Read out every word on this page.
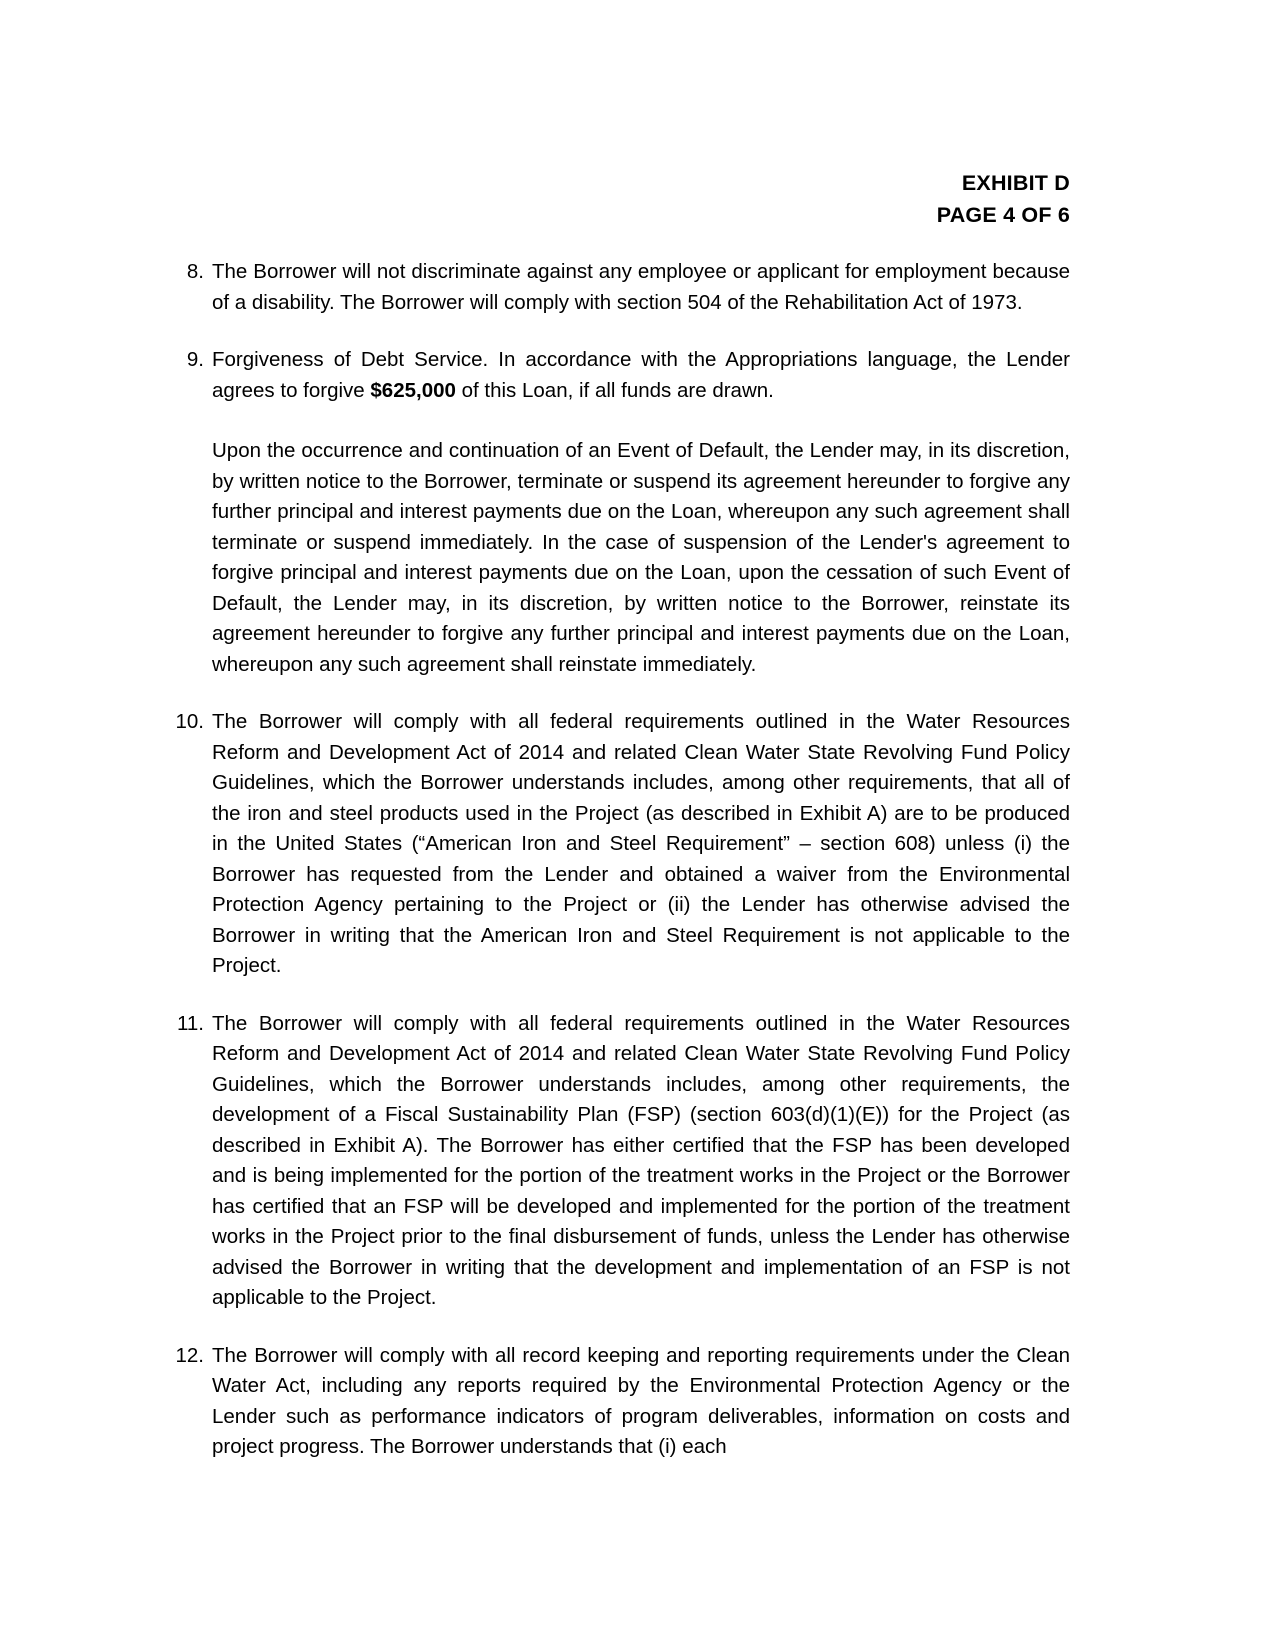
EXHIBIT D
PAGE 4 OF 6
8. The Borrower will not discriminate against any employee or applicant for employment because of a disability. The Borrower will comply with section 504 of the Rehabilitation Act of 1973.

9. Forgiveness of Debt Service. In accordance with the Appropriations language, the Lender agrees to forgive $625,000 of this Loan, if all funds are drawn.

Upon the occurrence and continuation of an Event of Default, the Lender may, in its discretion, by written notice to the Borrower, terminate or suspend its agreement hereunder to forgive any further principal and interest payments due on the Loan, whereupon any such agreement shall terminate or suspend immediately. In the case of suspension of the Lender's agreement to forgive principal and interest payments due on the Loan, upon the cessation of such Event of Default, the Lender may, in its discretion, by written notice to the Borrower, reinstate its agreement hereunder to forgive any further principal and interest payments due on the Loan, whereupon any such agreement shall reinstate immediately.

10. The Borrower will comply with all federal requirements outlined in the Water Resources Reform and Development Act of 2014 and related Clean Water State Revolving Fund Policy Guidelines, which the Borrower understands includes, among other requirements, that all of the iron and steel products used in the Project (as described in Exhibit A) are to be produced in the United States (“American Iron and Steel Requirement” – section 608) unless (i) the Borrower has requested from the Lender and obtained a waiver from the Environmental Protection Agency pertaining to the Project or (ii) the Lender has otherwise advised the Borrower in writing that the American Iron and Steel Requirement is not applicable to the Project.

11. The Borrower will comply with all federal requirements outlined in the Water Resources Reform and Development Act of 2014 and related Clean Water State Revolving Fund Policy Guidelines, which the Borrower understands includes, among other requirements, the development of a Fiscal Sustainability Plan (FSP) (section 603(d)(1)(E)) for the Project (as described in Exhibit A). The Borrower has either certified that the FSP has been developed and is being implemented for the portion of the treatment works in the Project or the Borrower has certified that an FSP will be developed and implemented for the portion of the treatment works in the Project prior to the final disbursement of funds, unless the Lender has otherwise advised the Borrower in writing that the development and implementation of an FSP is not applicable to the Project.

12. The Borrower will comply with all record keeping and reporting requirements under the Clean Water Act, including any reports required by the Environmental Protection Agency or the Lender such as performance indicators of program deliverables, information on costs and project progress. The Borrower understands that (i) each
